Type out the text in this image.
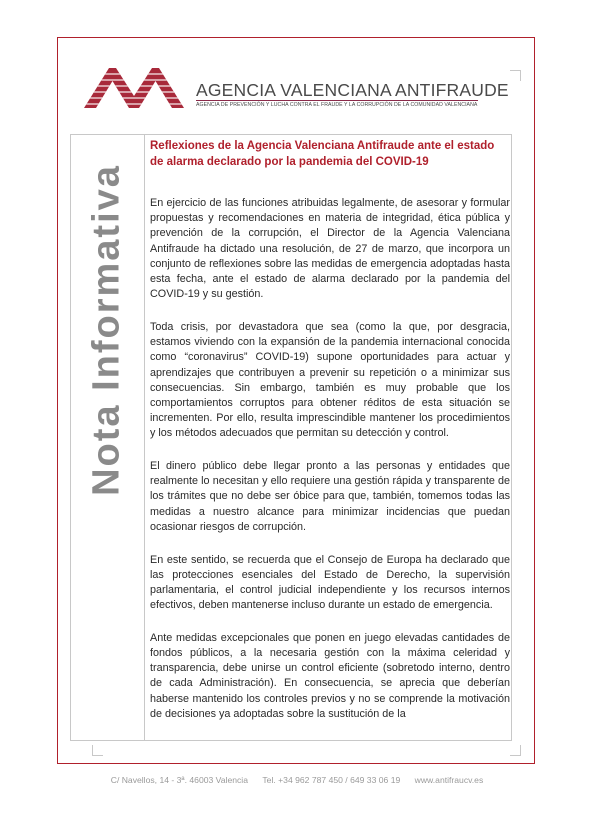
AGENCIA VALENCIANA ANTIFRAUDE
AGENCIA DE PREVENCIÓN Y LUCHA CONTRA EL FRAUDE Y LA CORRUPCIÓN DE LA COMUNIDAD VALENCIANA
Nota Informativa
Reflexiones de la Agencia Valenciana Antifraude ante el estado de alarma declarado por la pandemia del COVID-19

En ejercicio de las funciones atribuidas legalmente, de asesorar y formular propuestas y recomendaciones en materia de integridad, ética pública y prevención de la corrupción, el Director de la Agencia Valenciana Antifraude ha dictado una resolución, de 27 de marzo, que incorpora un conjunto de reflexiones sobre las medidas de emergencia adoptadas hasta esta fecha, ante el estado de alarma declarado por la pandemia del COVID-19 y su gestión.

Toda crisis, por devastadora que sea (como la que, por desgracia, estamos viviendo con la expansión de la pandemia internacional conocida como “coronavirus” COVID-19) supone oportunidades para actuar y aprendizajes que contribuyen a prevenir su repetición o a minimizar sus consecuencias. Sin embargo, también es muy probable que los comportamientos corruptos para obtener réditos de esta situación se incrementen. Por ello, resulta imprescindible mantener los procedimientos y los métodos adecuados que permitan su detección y control.

El dinero público debe llegar pronto a las personas y entidades que realmente lo necesitan y ello requiere una gestión rápida y transparente de los trámites que no debe ser óbice para que, también, tomemos todas las medidas a nuestro alcance para minimizar incidencias que puedan ocasionar riesgos de corrupción.

En este sentido, se recuerda que el Consejo de Europa ha declarado que las protecciones esenciales del Estado de Derecho, la supervisión parlamentaria, el control judicial independiente y los recursos internos efectivos, deben mantenerse incluso durante un estado de emergencia.

Ante medidas excepcionales que ponen en juego elevadas cantidades de fondos públicos, a la necesaria gestión con la máxima celeridad y transparencia, debe unirse un control eficiente (sobretodo interno, dentro de cada Administración). En consecuencia, se aprecia que deberían haberse mantenido los controles previos y no se comprende la motivación de decisiones ya adoptadas sobre la sustitución de la

C/ Navellos, 14 - 3ª. 46003 Valencia Tel. +34 962 787 450 / 649 33 06 19 www.antifraucv.es
